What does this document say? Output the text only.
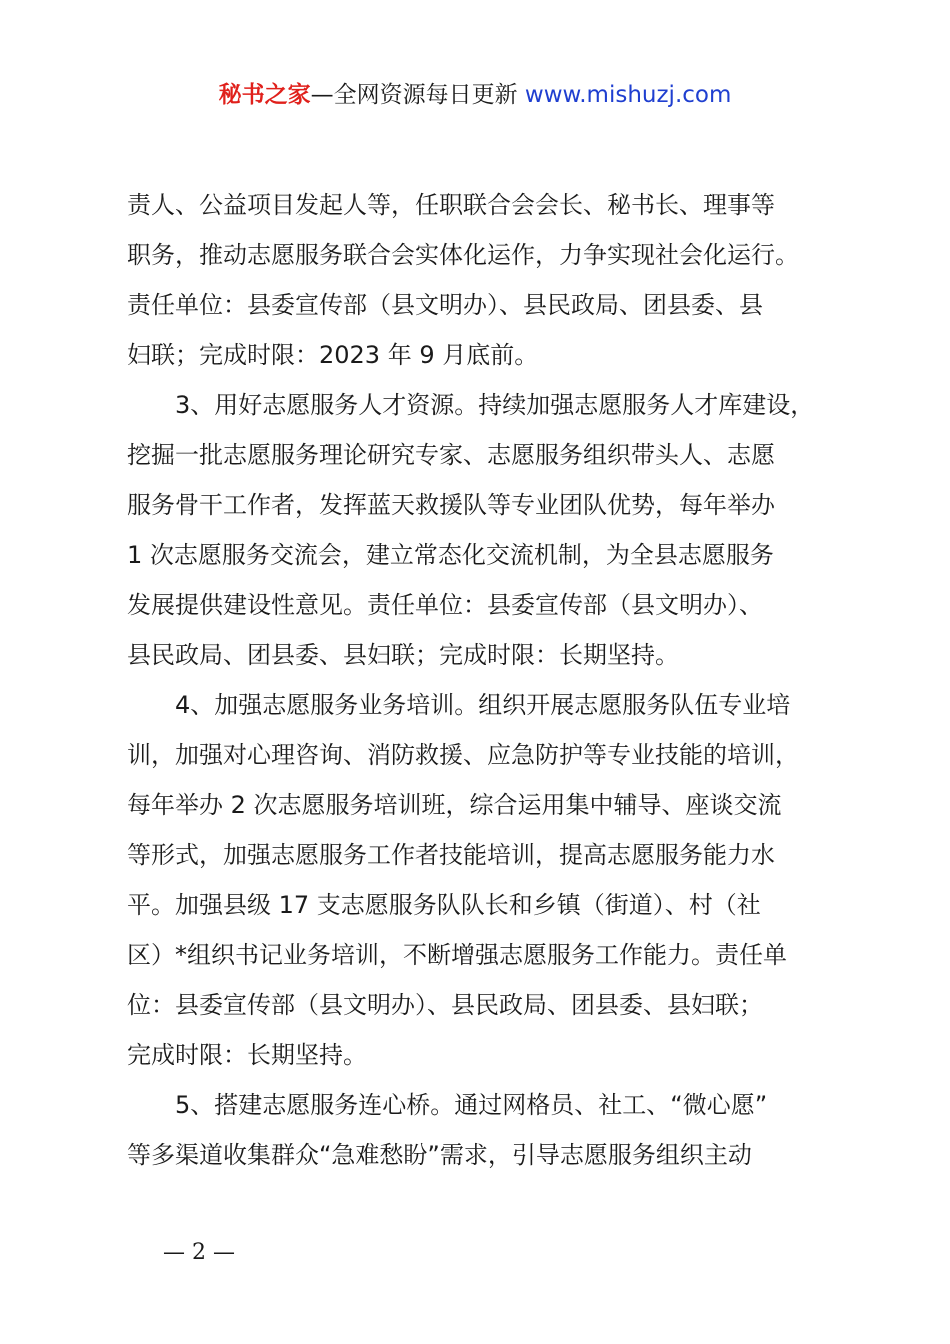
秘书之家—全网资源每日更新 www.mishuzj.com
责人、公益项目发起人等，任职联合会会长、秘书长、理事等
职务，推动志愿服务联合会实体化运作，力争实现社会化运行。
责任单位：县委宣传部（县文明办）、县民政局、团县委、县
妇联；完成时限：2023 年 9 月底前。
3、用好志愿服务人才资源。持续加强志愿服务人才库建设，
挖掘一批志愿服务理论研究专家、志愿服务组织带头人、志愿
服务骨干工作者，发挥蓝天救援队等专业团队优势，每年举办
1 次志愿服务交流会，建立常态化交流机制，为全县志愿服务
发展提供建设性意见。责任单位：县委宣传部（县文明办）、
县民政局、团县委、县妇联；完成时限：长期坚持。
4、加强志愿服务业务培训。组织开展志愿服务队伍专业培
训，加强对心理咨询、消防救援、应急防护等专业技能的培训，
每年举办 2 次志愿服务培训班，综合运用集中辅导、座谈交流
等形式，加强志愿服务工作者技能培训，提高志愿服务能力水
平。加强县级 17 支志愿服务队队长和乡镇（街道）、村（社
区）*组织书记业务培训，不断增强志愿服务工作能力。责任单
位：县委宣传部（县文明办）、县民政局、团县委、县妇联；
完成时限：长期坚持。
5、搭建志愿服务连心桥。通过网格员、社工、“微心愿”
等多渠道收集群众“急难愁盼”需求，引导志愿服务组织主动
— 2 —
